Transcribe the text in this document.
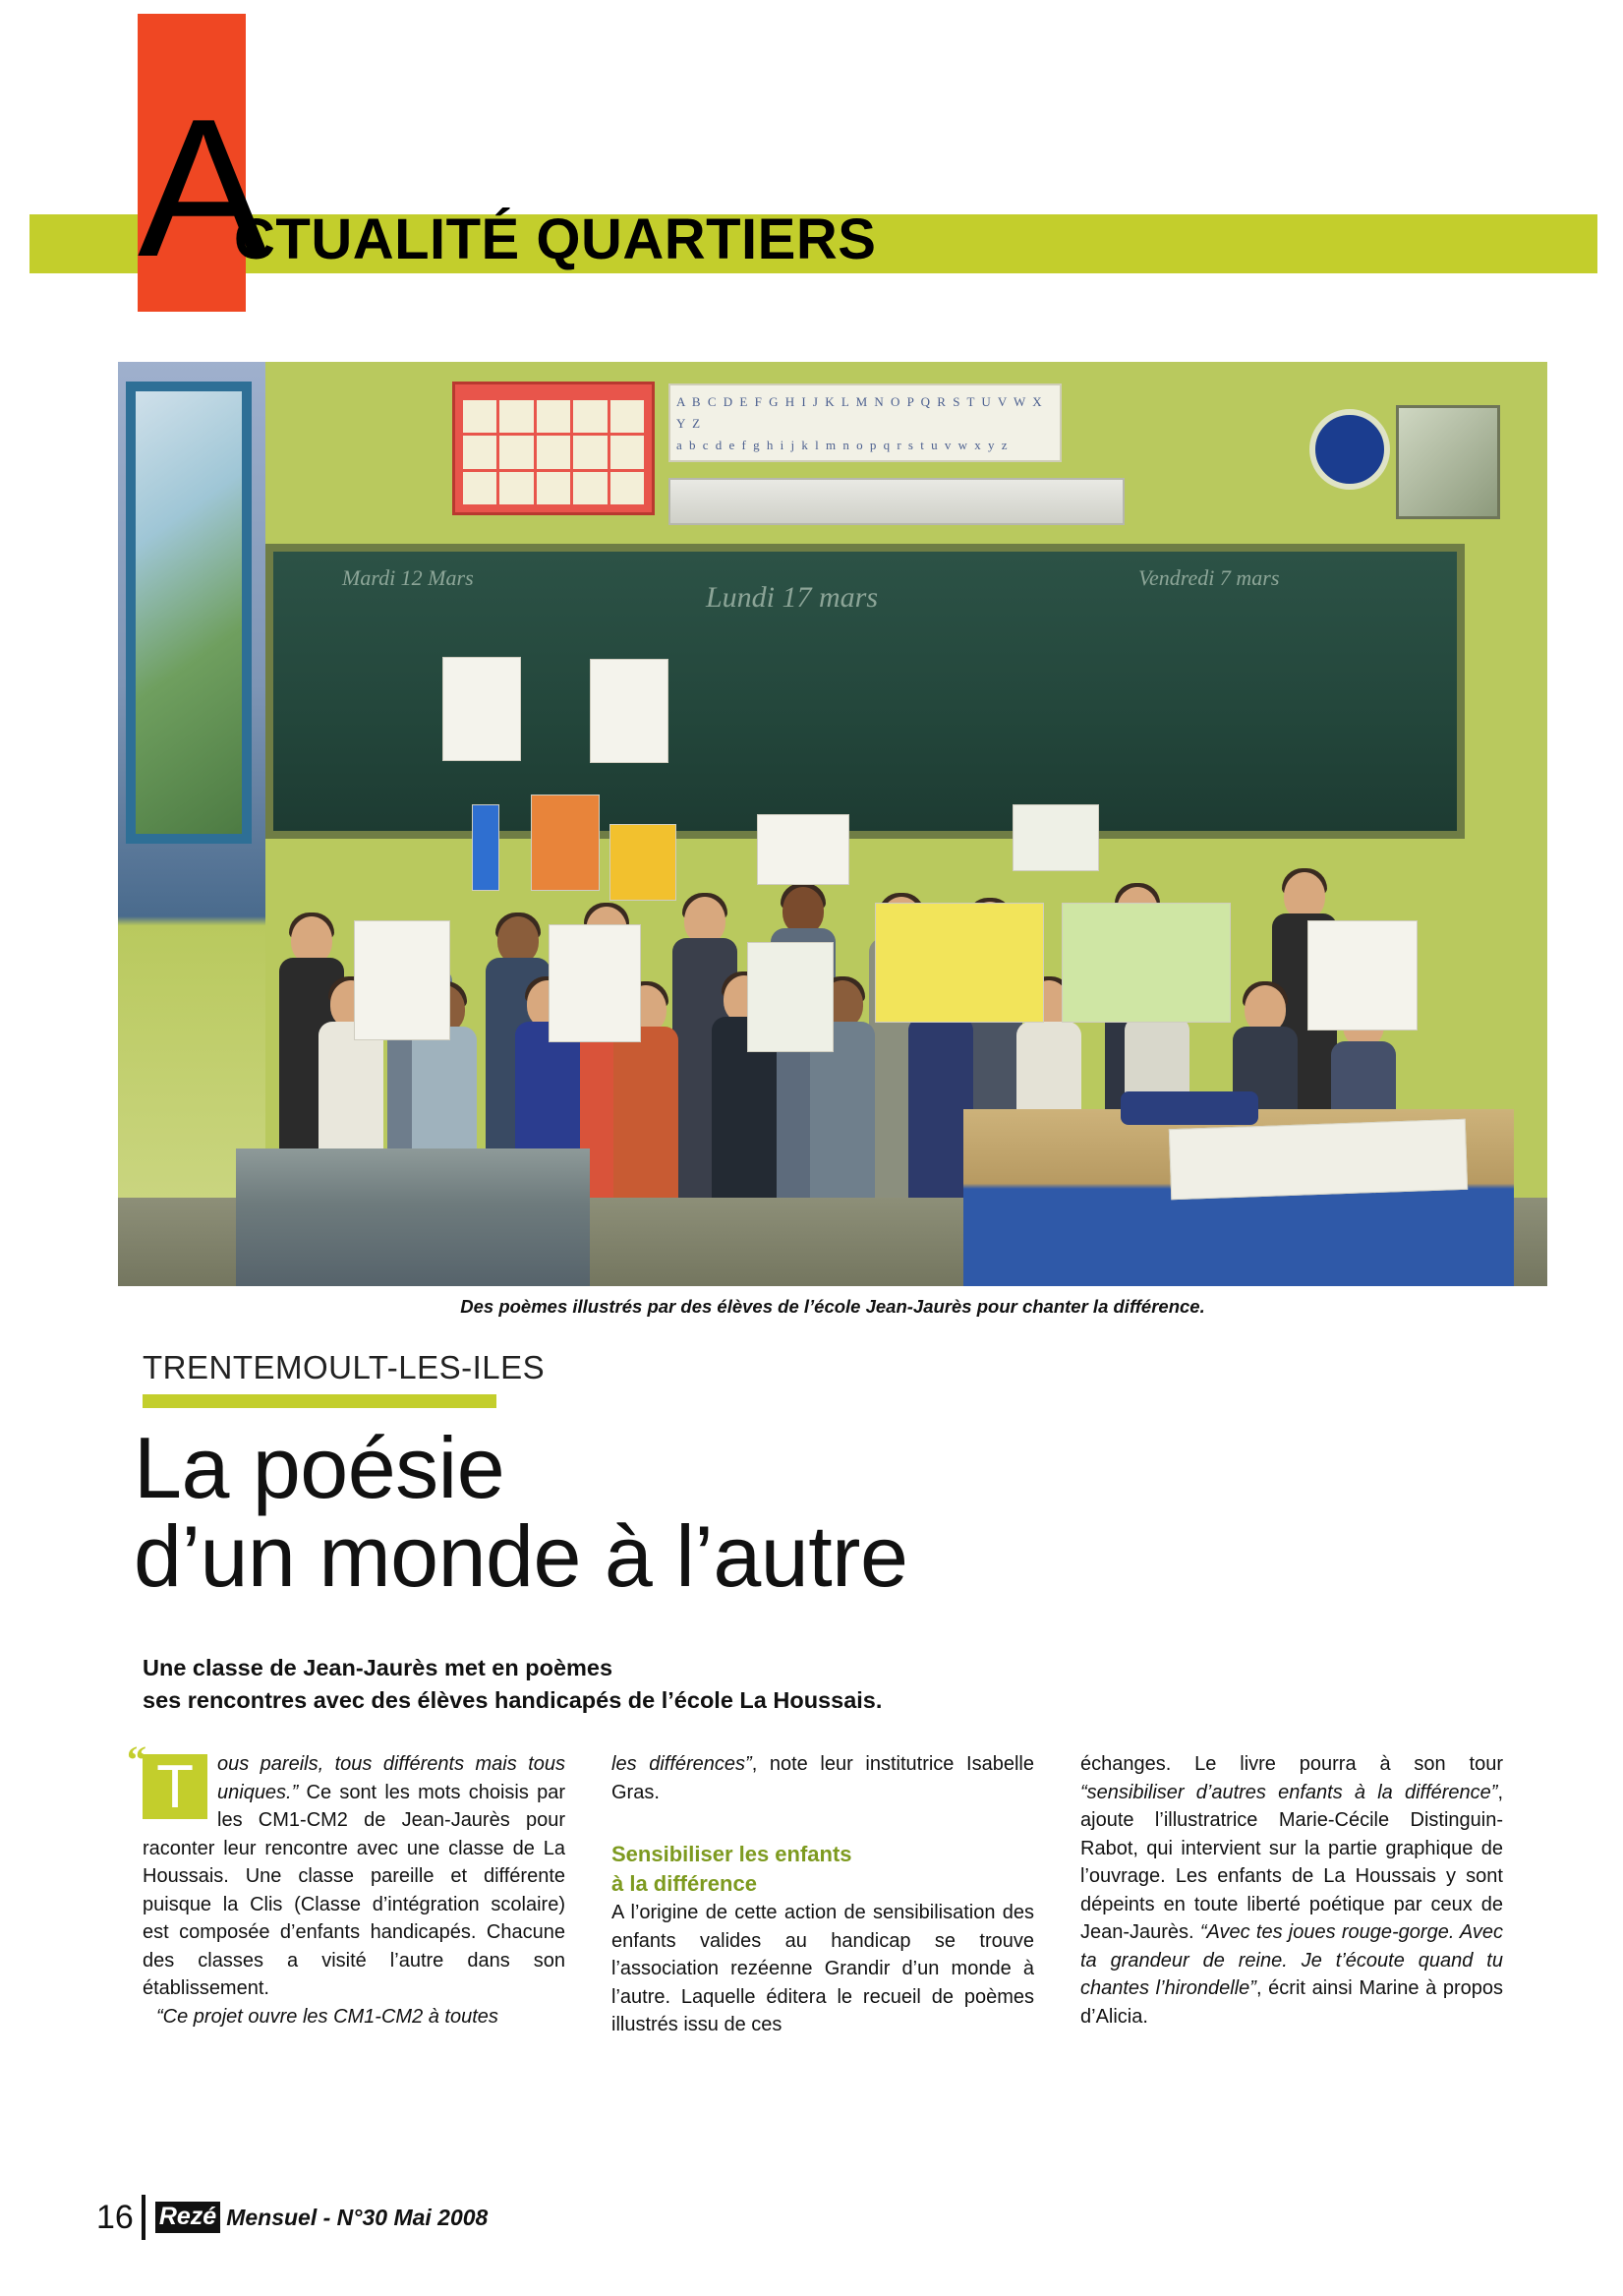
A
CTUALITÉ QUARTIERS
A B C D E F G H I J K L M N O P Q R S T U V W X Y Z
a b c d e f g h i j k l m n o p q r s t u v w x y z
Mardi 12 Mars
Lundi 17 mars
Vendredi 7 mars
Des poèmes illustrés par des élèves de l’école Jean-Jaurès pour chanter la différence.
TRENTEMOULT-LES-ILES
La poésie
d’un monde à l’autre
Une classe de Jean-Jaurès met en poèmes
ses rencontres avec des élèves handicapés de l’école La Houssais.
“ T	ous pareils, tous différents mais tous uniques.” Ce sont les mots choisis par les CM1-CM2 de Jean-Jaurès pour raconter leur rencontre avec une classe de La Houssais. Une classe pareille et différente puisque la Clis (Classe d’intégration scolaire) est composée d’enfants handicapés. Chacune des classes a visité l’autre dans son établissement.

“Ce projet ouvre les CM1-CM2 à toutes

les différences”, note leur institutrice Isabelle Gras.

Sensibiliser les enfants
à la différence

A l’origine de cette action de sensibilisation des enfants valides au handicap se trouve l’association rezéenne Grandir d’un monde à l’autre. Laquelle éditera le recueil de poèmes illustrés issu de ces

échanges. Le livre pourra à son tour “sensibiliser d’autres enfants à la différence”, ajoute l’illustratrice Marie-Cécile Distinguin-Rabot, qui intervient sur la partie graphique de l’ouvrage. Les enfants de La Houssais y sont dépeints en toute liberté poétique par ceux de Jean-Jaurès. “Avec tes joues rouge-gorge. Avec ta grandeur de reine. Je t’écoute quand tu chantes l’hirondelle”, écrit ainsi Marine à propos d’Alicia.

16 Rezé Mensuel - N°30 Mai 2008
